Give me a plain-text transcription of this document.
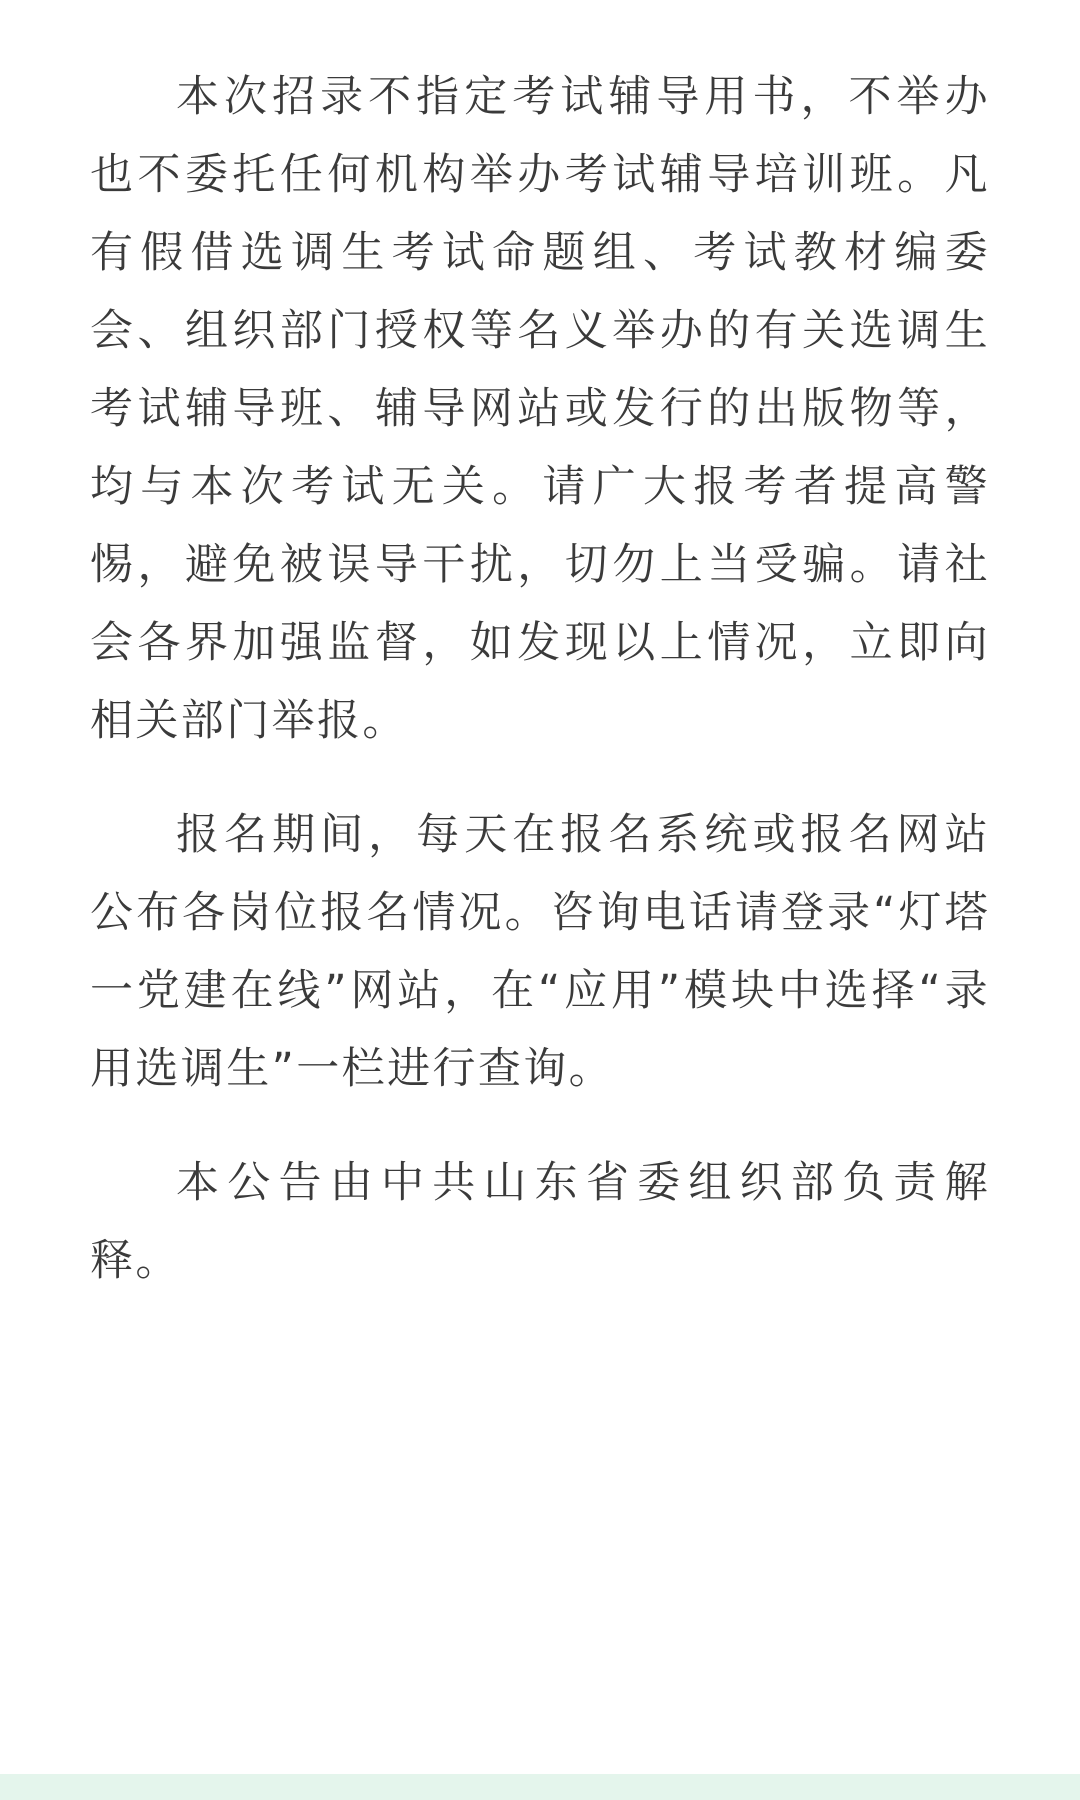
本次招录不指定考试辅导用书，不举办也不委托任何机构举办考试辅导培训班。凡有假借选调生考试命题组、考试教材编委会、组织部门授权等名义举办的有关选调生考试辅导班、辅导网站或发行的出版物等，均与本次考试无关。请广大报考者提高警惕，避免被误导干扰，切勿上当受骗。请社会各界加强监督，如发现以上情况，立即向相关部门举报。

报名期间，每天在报名系统或报名网站公布各岗位报名情况。咨询电话请登录“灯塔一党建在线”网站，在“应用”模块中选择“录用选调生”一栏进行查询。

本公告由中共山东省委组织部负责解释。
